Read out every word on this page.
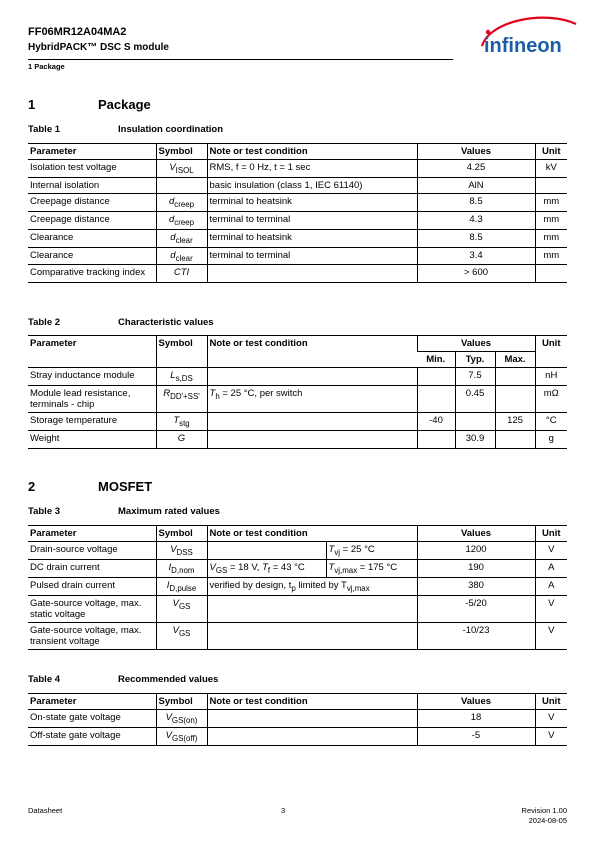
FF06MR12A04MA2
HybridPACK™ DSC S module
1 Package
infineon
1	Package
Table 1	Insulation coordination
Parameter	Symbol	Note or test condition	Values	Unit
Isolation test voltage	$V_{ISOL}$	RMS, f = 0 Hz, t = 1 sec	4.25	kV
Internal isolation		basic insulation (class 1, IEC 61140)	AlN	
Creepage distance	$d_{creep}$	terminal to heatsink	8.5	mm
Creepage distance	$d_{creep}$	terminal to terminal	4.3	mm
Clearance	$d_{clear}$	terminal to heatsink	8.5	mm
Clearance	$d_{clear}$	terminal to terminal	3.4	mm
Comparative tracking index	CTI		> 600	
Table 2	Characteristic values
Parameter	Symbol	Note or test condition	Values			Unit
			Min.	Typ.	Max.	
Stray inductance module	$L_{s,DS}$			7.5		nH
Module lead resistance, terminals - chip	$R_{DD'+SS'}$	$T_h = 25$ °C, per switch		0.45		mΩ
Storage temperature	$T_{stg}$		-40		125	°C
Weight	G			30.9		g
2	MOSFET
Table 3	Maximum rated values
Parameter	Symbol	Note or test condition		Values	Unit
Drain-source voltage	$V_{DSS}$		$T_{vj} = 25$ °C	1200	V
DC drain current	$I_{D,nom}$	$V_{GS} = 18$ V, $T_f = 43$ °C	$T_{vj,max} = 175$ °C	190	A
Pulsed drain current	$I_{D,pulse}$	verified by design, $t_p$ limited by $T_{vj,max}$		380	A
Gate-source voltage, max. static voltage	$V_{GS}$			-5/20	V
Gate-source voltage, max. transient voltage	$V_{GS}$			-10/23	V
Table 4	Recommended values
Parameter	Symbol	Note or test condition	Values	Unit
On-state gate voltage	$V_{GS(on)}$		18	V
Off-state gate voltage	$V_{GS(off)}$		-5	V
Datasheet	3	Revision 1.00
2024-08-05
